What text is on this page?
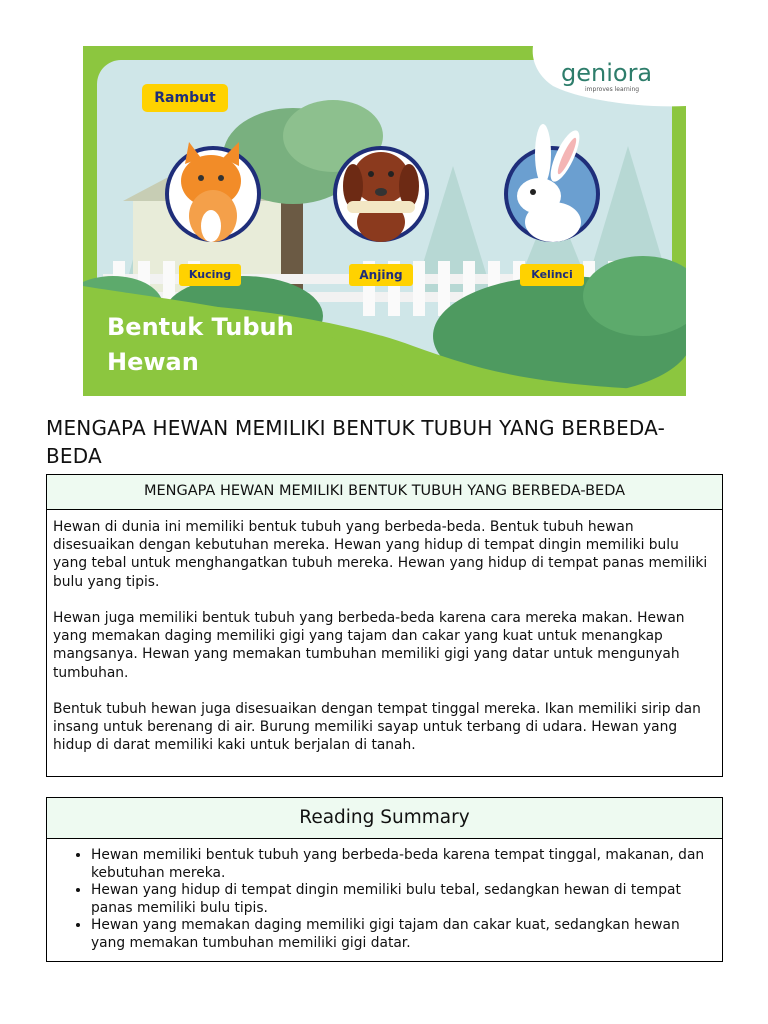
geniora
improves learning
Rambut
Kucing	Anjing	Kelinci
Bentuk Tubuh
Hewan
MENGAPA HEWAN MEMILIKI BENTUK TUBUH YANG BERBEDA-BEDA
MENGAPA HEWAN MEMILIKI BENTUK TUBUH YANG BERBEDA-BEDA

Hewan di dunia ini memiliki bentuk tubuh yang berbeda-beda. Bentuk tubuh hewan disesuaikan dengan kebutuhan mereka. Hewan yang hidup di tempat dingin memiliki bulu yang tebal untuk menghangatkan tubuh mereka. Hewan yang hidup di tempat panas memiliki bulu yang tipis.

Hewan juga memiliki bentuk tubuh yang berbeda-beda karena cara mereka makan. Hewan yang memakan daging memiliki gigi yang tajam dan cakar yang kuat untuk menangkap mangsanya. Hewan yang memakan tumbuhan memiliki gigi yang datar untuk mengunyah tumbuhan.

Bentuk tubuh hewan juga disesuaikan dengan tempat tinggal mereka. Ikan memiliki sirip dan insang untuk berenang di air. Burung memiliki sayap untuk terbang di udara. Hewan yang hidup di darat memiliki kaki untuk berjalan di tanah.

Reading Summary
• Hewan memiliki bentuk tubuh yang berbeda-beda karena tempat tinggal, makanan, dan kebutuhan mereka.
• Hewan yang hidup di tempat dingin memiliki bulu tebal, sedangkan hewan di tempat panas memiliki bulu tipis.
• Hewan yang memakan daging memiliki gigi tajam dan cakar kuat, sedangkan hewan yang memakan tumbuhan memiliki gigi datar.
